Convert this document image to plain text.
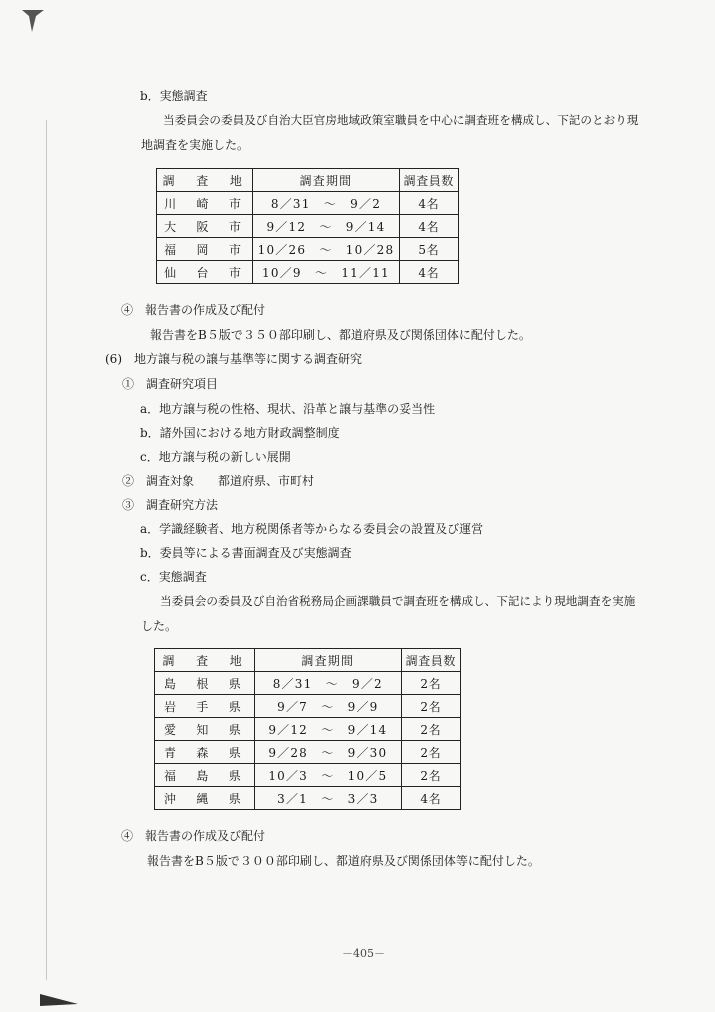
b．実態調査
当委員会の委員及び自治大臣官房地域政策室職員を中心に調査班を構成し、下記のとおり現
地調査を実施した。
調　査　地	調査期間	調査員数
川　崎　市	8／31　～　9／2	4名
大　阪　市	9／12　～　9／14	4名
福　岡　市	10／26　～　10／28	5名
仙　台　市	10／9　～　11／11	4名
④　報告書の作成及び配付
報告書をB５版で３５０部印刷し、都道府県及び関係団体に配付した。
(6)　地方譲与税の譲与基準等に関する調査研究
①　調査研究項目
a．地方譲与税の性格、現状、沿革と譲与基準の妥当性
b．諸外国における地方財政調整制度
c．地方譲与税の新しい展開
②　調査対象　　都道府県、市町村
③　調査研究方法
a．学識経験者、地方税関係者等からなる委員会の設置及び運営
b．委員等による書面調査及び実態調査
c．実態調査
当委員会の委員及び自治省税務局企画課職員で調査班を構成し、下記により現地調査を実施
した。
調　査　地	調査期間	調査員数
島　根　県	8／31　～　9／2	2名
岩　手　県	9／7　～　9／9	2名
愛　知　県	9／12　～　9／14	2名
青　森　県	9／28　～　9／30	2名
福　島　県	10／3　～　10／5	2名
沖　縄　県	3／1　～　3／3	4名
④　報告書の作成及び配付
報告書をB５版で３００部印刷し、都道府県及び関係団体等に配付した。
－405－
